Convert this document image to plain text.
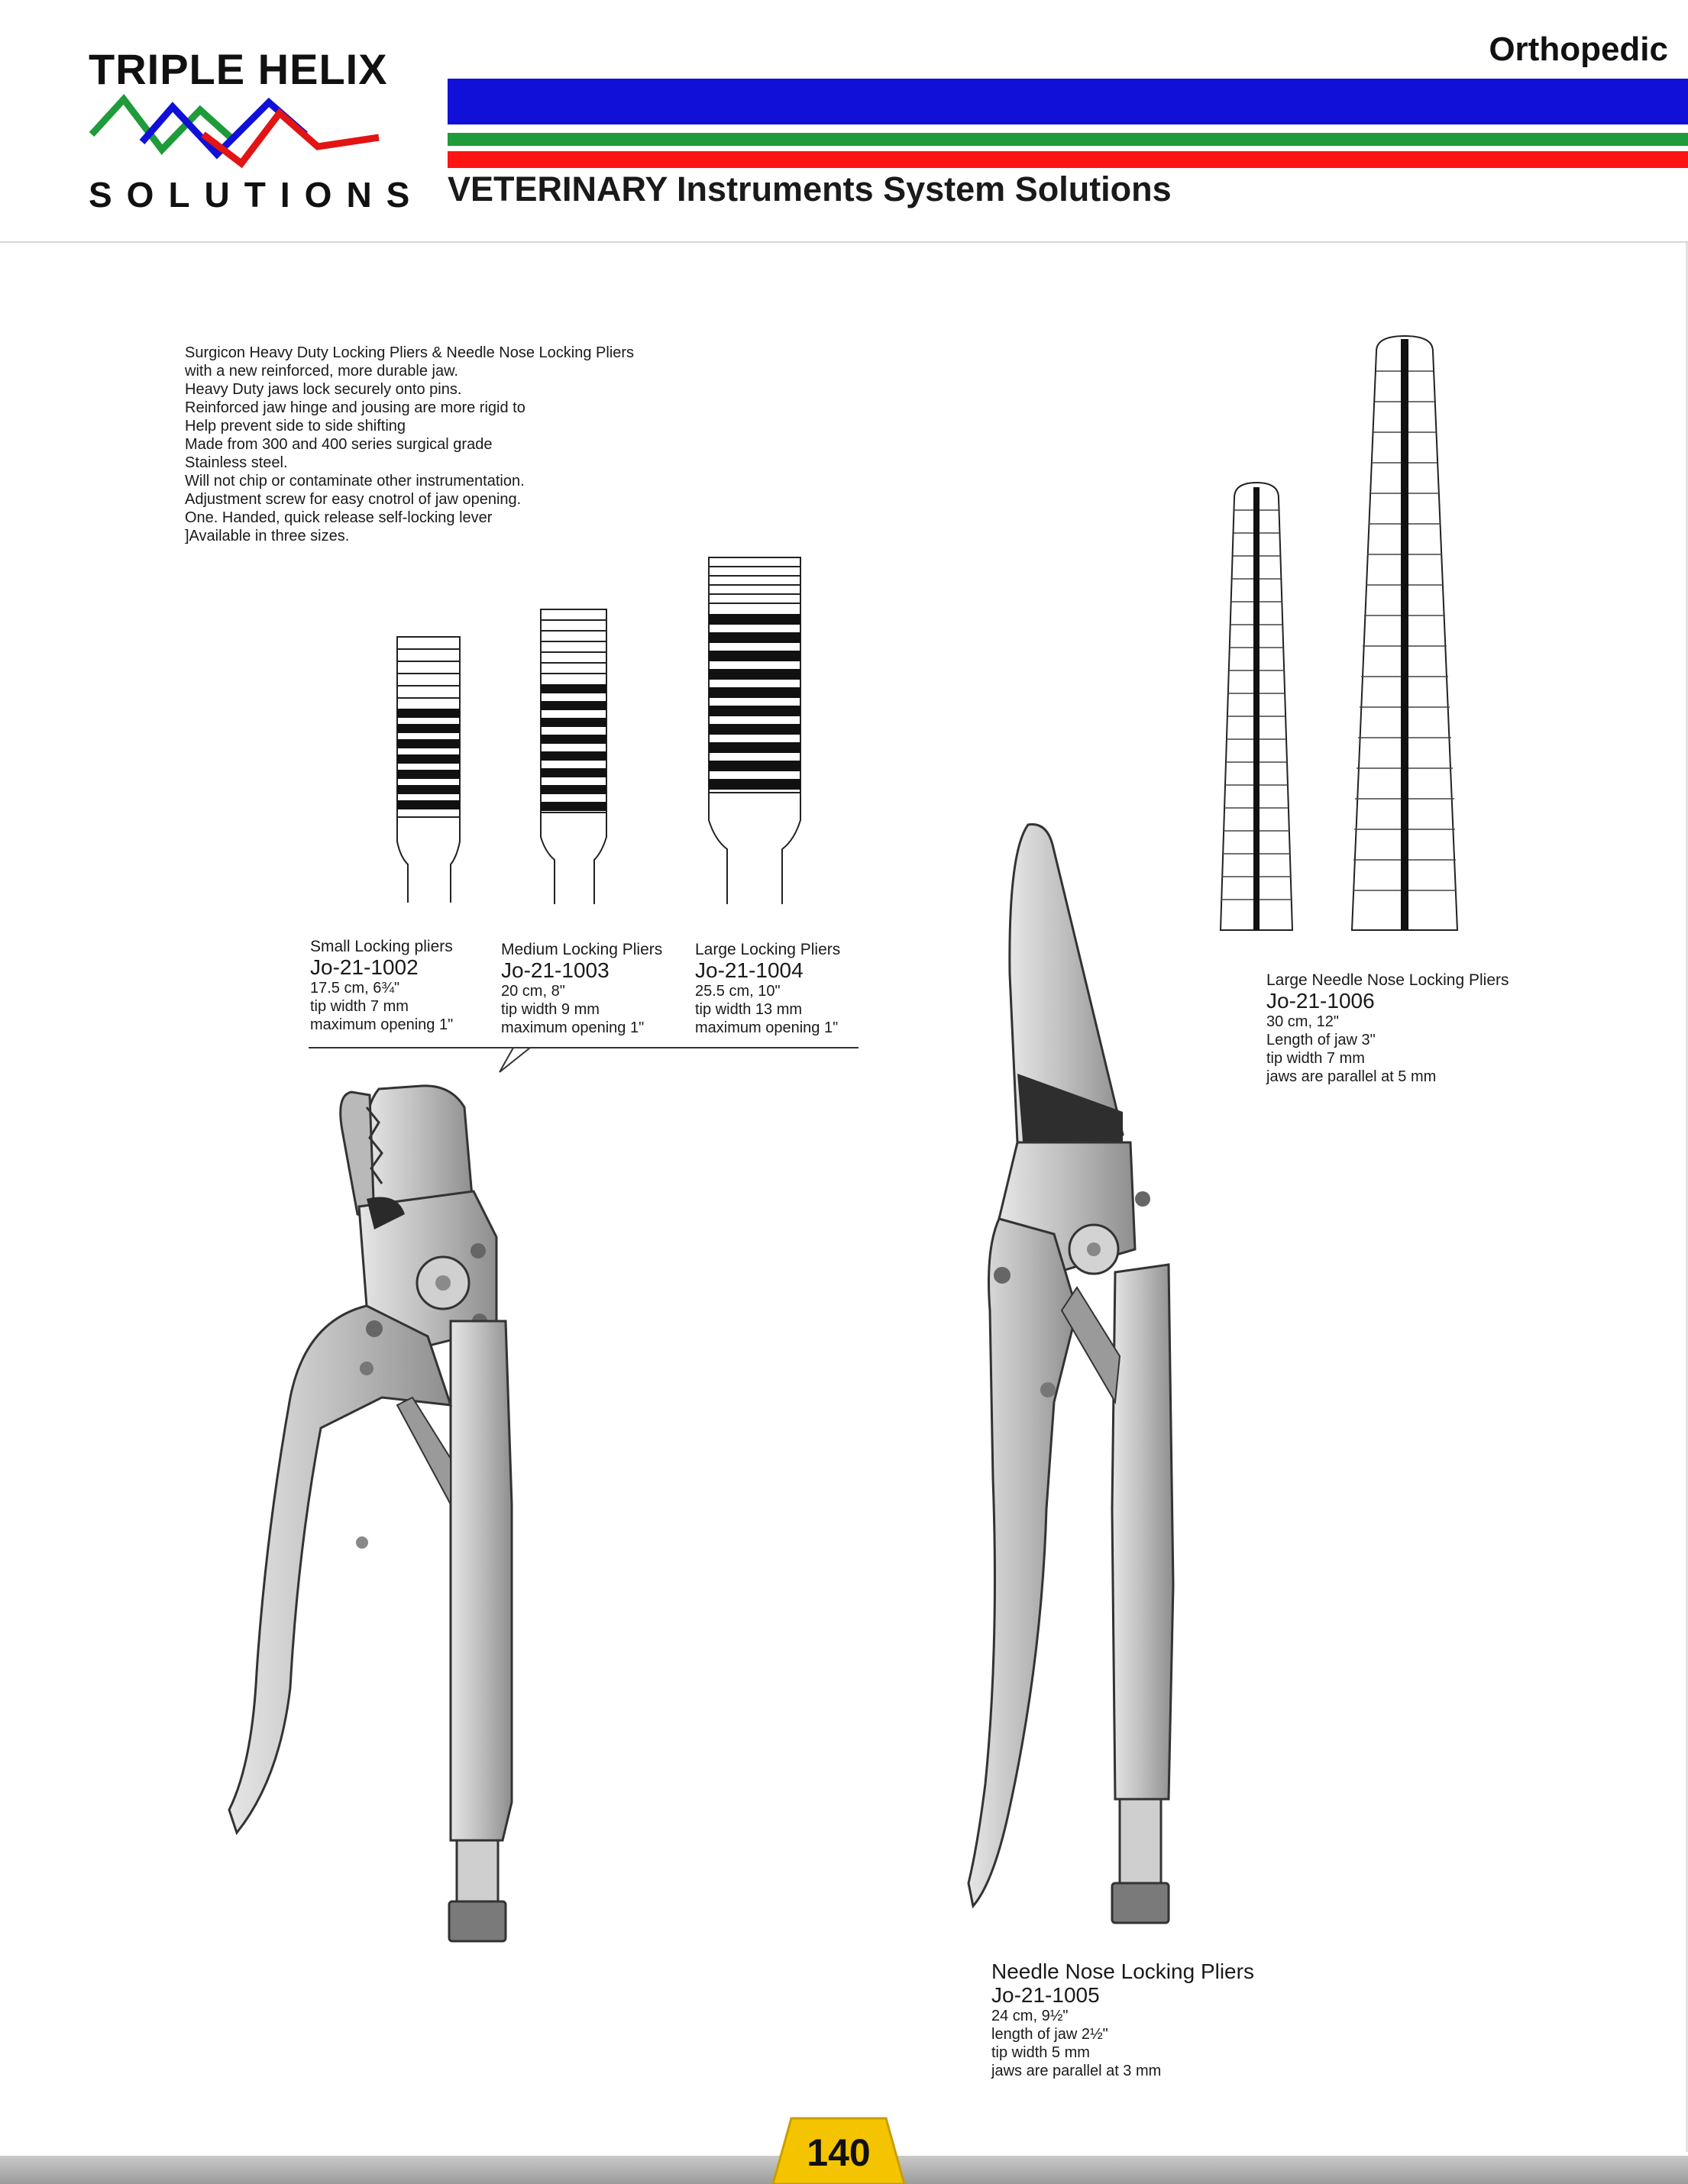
TRIPLE HELIX
SOLUTIONS
Orthopedic
VETERINARY Instruments System Solutions
Surgicon Heavy Duty Locking Pliers & Needle Nose Locking Pliers
with a new reinforced, more durable jaw.
Heavy Duty jaws lock securely onto pins.
Reinforced jaw hinge and jousing are more rigid to
Help prevent side to side shifting
Made from 300 and 400 series surgical grade
Stainless steel.
Will not chip or contaminate other instrumentation.
Adjustment screw for easy cnotrol of jaw opening.
One. Handed, quick release self-locking lever
]Available in three sizes.
Small Locking pliers
Jo-21-1002
17.5 cm, 6¾"
tip width 7 mm
maximum opening 1"
Medium Locking Pliers
Jo-21-1003
20 cm, 8"
tip width 9 mm
maximum opening 1"
Large Locking Pliers
Jo-21-1004
25.5 cm, 10"
tip width 13 mm
maximum opening 1"
Large Needle Nose Locking Pliers
Jo-21-1006
30 cm, 12"
Length of jaw 3"
tip width 7 mm
jaws are parallel at 5 mm
Needle Nose Locking Pliers
Jo-21-1005
24 cm, 9½"
length of jaw 2½"
tip width 5 mm
jaws are parallel at 3 mm
140
